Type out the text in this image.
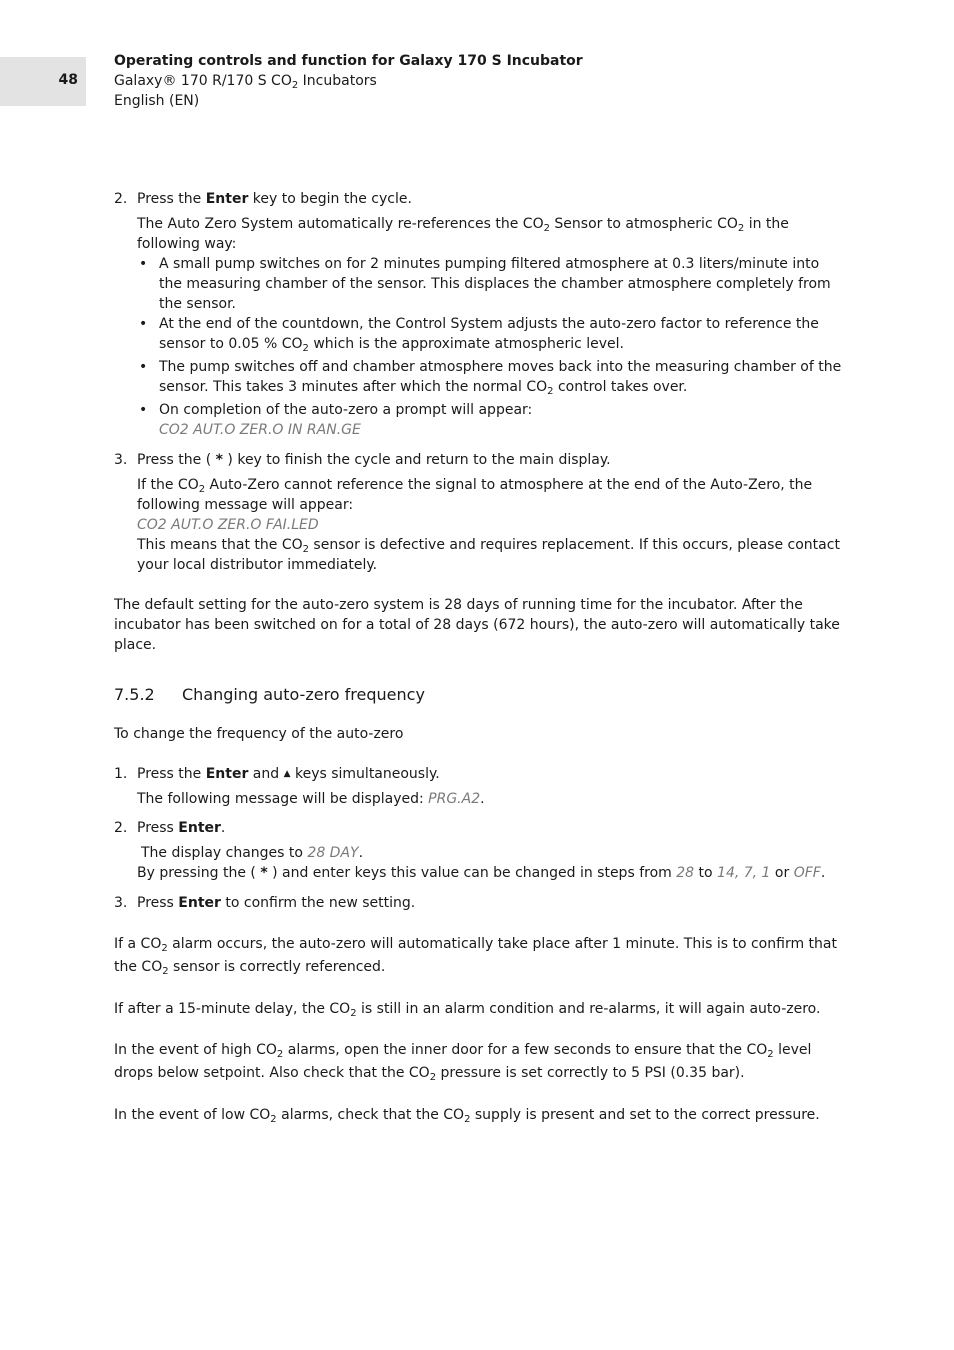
48
Operating controls and function for Galaxy 170 S Incubator
Galaxy® 170 R/170 S $CO_2$ Incubators
English (EN)
2. Press the Enter key to begin the cycle.

The Auto Zero System automatically re-references the $CO_2$ Sensor to atmospheric $CO_2$ in the following way:

• A small pump switches on for 2 minutes pumping filtered atmosphere at 0.3 liters/minute into the measuring chamber of the sensor. This displaces the chamber atmosphere completely from the sensor.
• At the end of the countdown, the Control System adjusts the auto-zero factor to reference the sensor to 0.05 % $CO_2$ which is the approximate atmospheric level.
• The pump switches off and chamber atmosphere moves back into the measuring chamber of the sensor. This takes 3 minutes after which the normal $CO_2$ control takes over.
• On completion of the auto-zero a prompt will appear:
CO2 AUT.O ZER.O IN RAN.GE
3. Press the ( * ) key to finish the cycle and return to the main display.

If the $CO_2$ Auto-Zero cannot reference the signal to atmosphere at the end of the Auto-Zero, the following message will appear:
CO2 AUT.O ZER.O FAI.LED
This means that the $CO_2$ sensor is defective and requires replacement. If this occurs, please contact your local distributor immediately.

The default setting for the auto-zero system is 28 days of running time for the incubator. After the incubator has been switched on for a total of 28 days (672 hours), the auto-zero will automatically take place.

7.5.2	Changing auto-zero frequency

To change the frequency of the auto-zero

1. Press the Enter and ▲ keys simultaneously.

The following message will be displayed: PRG.A2.

2. Press Enter.

The display changes to 28 DAY.
By pressing the ( * ) and enter keys this value can be changed in steps from 28 to 14, 7, 1 or OFF.

3. Press Enter to confirm the new setting.

If a $CO_2$ alarm occurs, the auto-zero will automatically take place after 1 minute. This is to confirm that the $CO_2$ sensor is correctly referenced.

If after a 15-minute delay, the $CO_2$ is still in an alarm condition and re-alarms, it will again auto-zero.

In the event of high $CO_2$ alarms, open the inner door for a few seconds to ensure that the $CO_2$ level drops below setpoint. Also check that the $CO_2$ pressure is set correctly to 5 PSI (0.35 bar).

In the event of low $CO_2$ alarms, check that the $CO_2$ supply is present and set to the correct pressure.
